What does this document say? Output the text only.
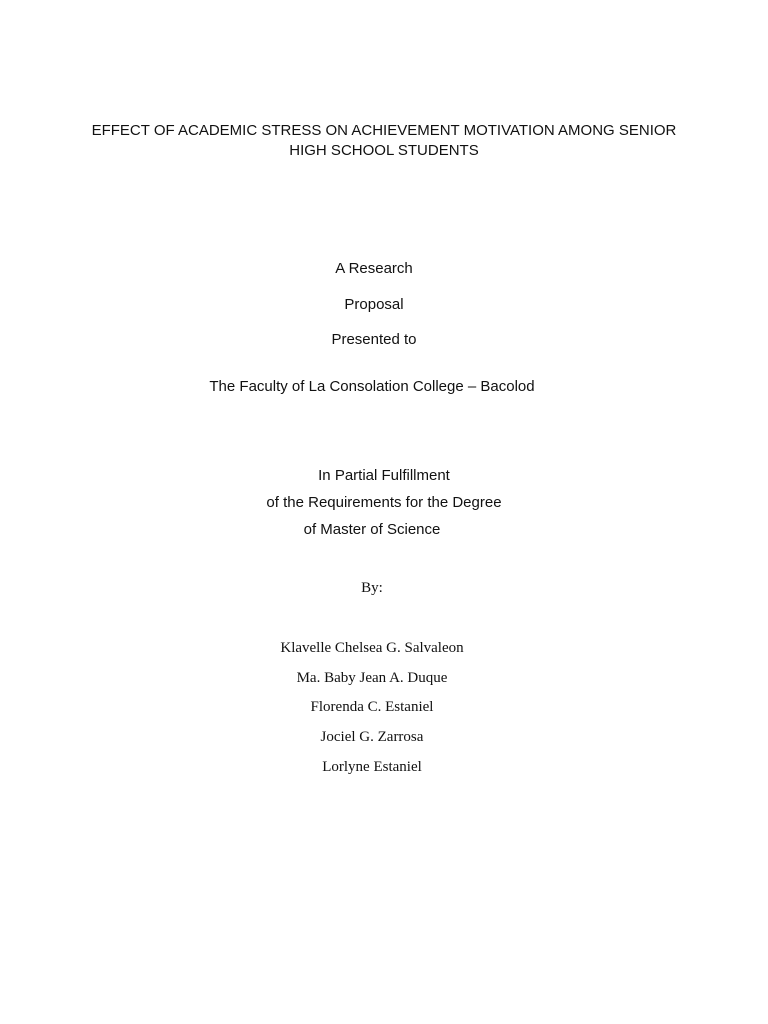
EFFECT OF ACADEMIC STRESS ON ACHIEVEMENT MOTIVATION AMONG SENIOR
HIGH SCHOOL STUDENTS
A Research
Proposal
Presented to
The Faculty of La Consolation College – Bacolod
In Partial Fulfillment
of the Requirements for the Degree
of Master of Science
By:
Klavelle Chelsea G. Salvaleon
Ma. Baby Jean A. Duque
Florenda C. Estaniel
Jociel G. Zarrosa
Lorlyne Estaniel
